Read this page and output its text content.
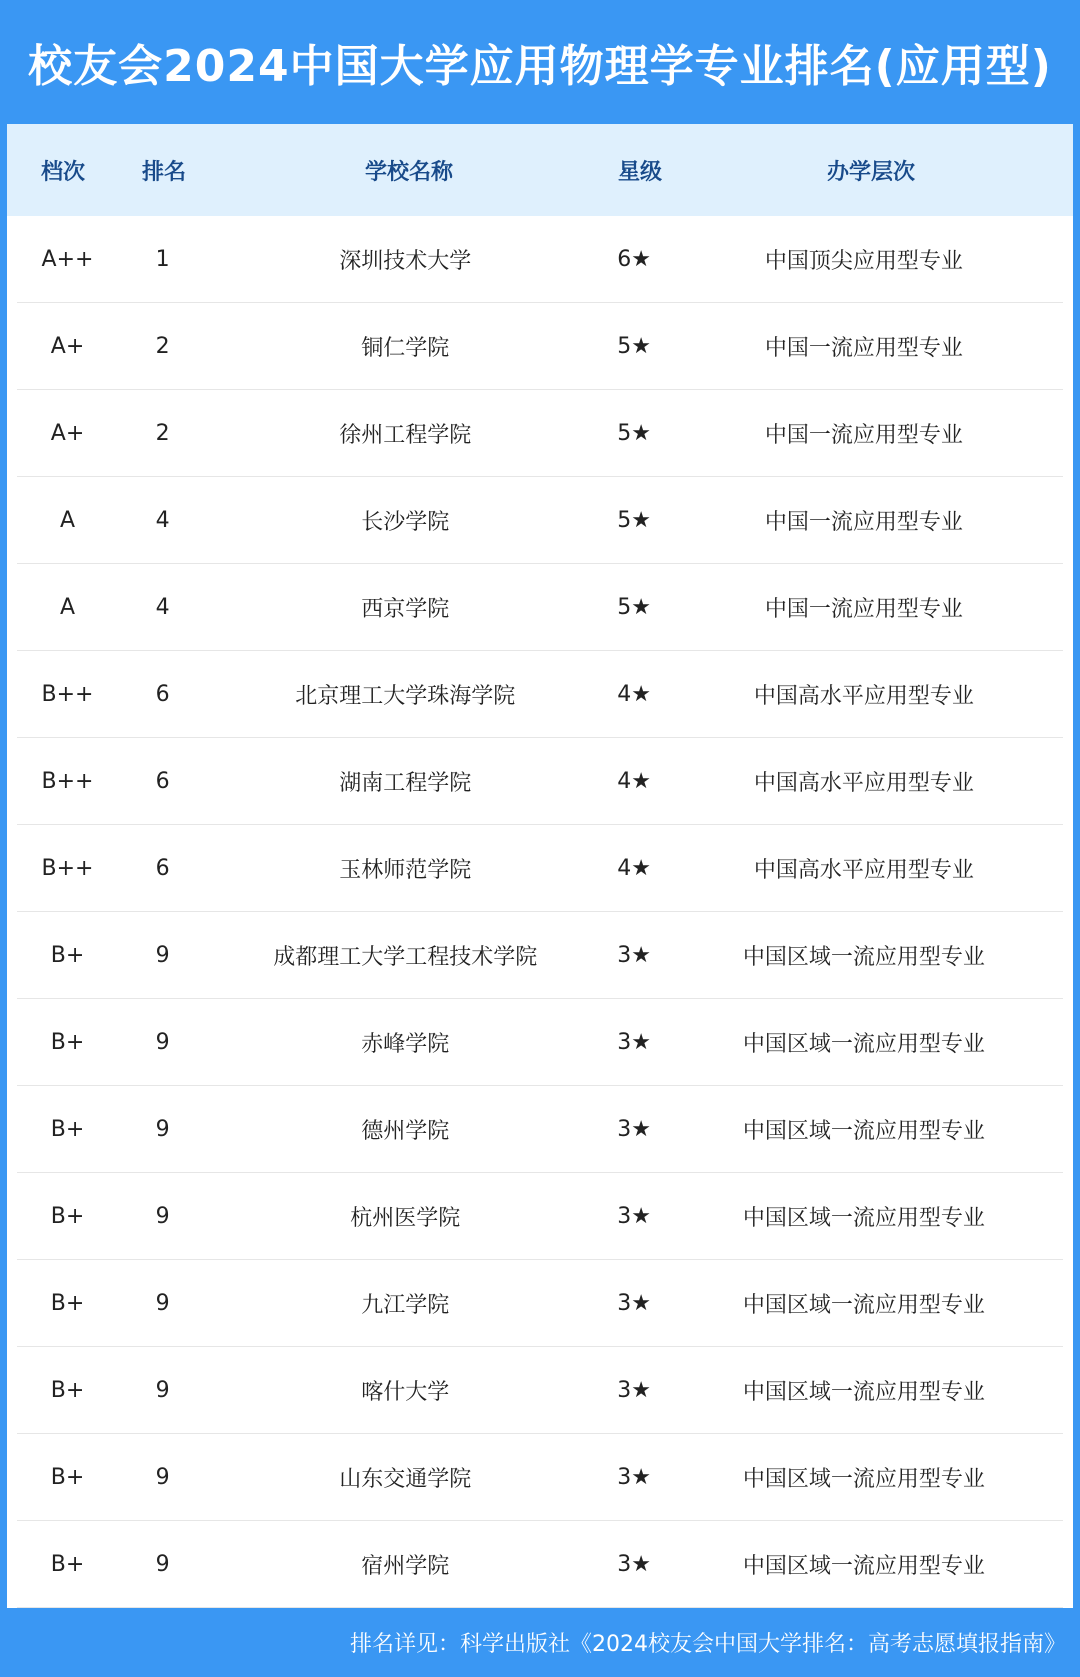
校友会2024中国大学应用物理学专业排名(应用型)
档次	排名	学校名称	星级	办学层次
A++	1	深圳技术大学	6★	中国顶尖应用型专业
A+	2	铜仁学院	5★	中国一流应用型专业
A+	2	徐州工程学院	5★	中国一流应用型专业
A	4	长沙学院	5★	中国一流应用型专业
A	4	西京学院	5★	中国一流应用型专业
B++	6	北京理工大学珠海学院	4★	中国高水平应用型专业
B++	6	湖南工程学院	4★	中国高水平应用型专业
B++	6	玉林师范学院	4★	中国高水平应用型专业
B+	9	成都理工大学工程技术学院	3★	中国区域一流应用型专业
B+	9	赤峰学院	3★	中国区域一流应用型专业
B+	9	德州学院	3★	中国区域一流应用型专业
B+	9	杭州医学院	3★	中国区域一流应用型专业
B+	9	九江学院	3★	中国区域一流应用型专业
B+	9	喀什大学	3★	中国区域一流应用型专业
B+	9	山东交通学院	3★	中国区域一流应用型专业
B+	9	宿州学院	3★	中国区域一流应用型专业
排名详见：科学出版社《2024校友会中国大学排名：高考志愿填报指南》
